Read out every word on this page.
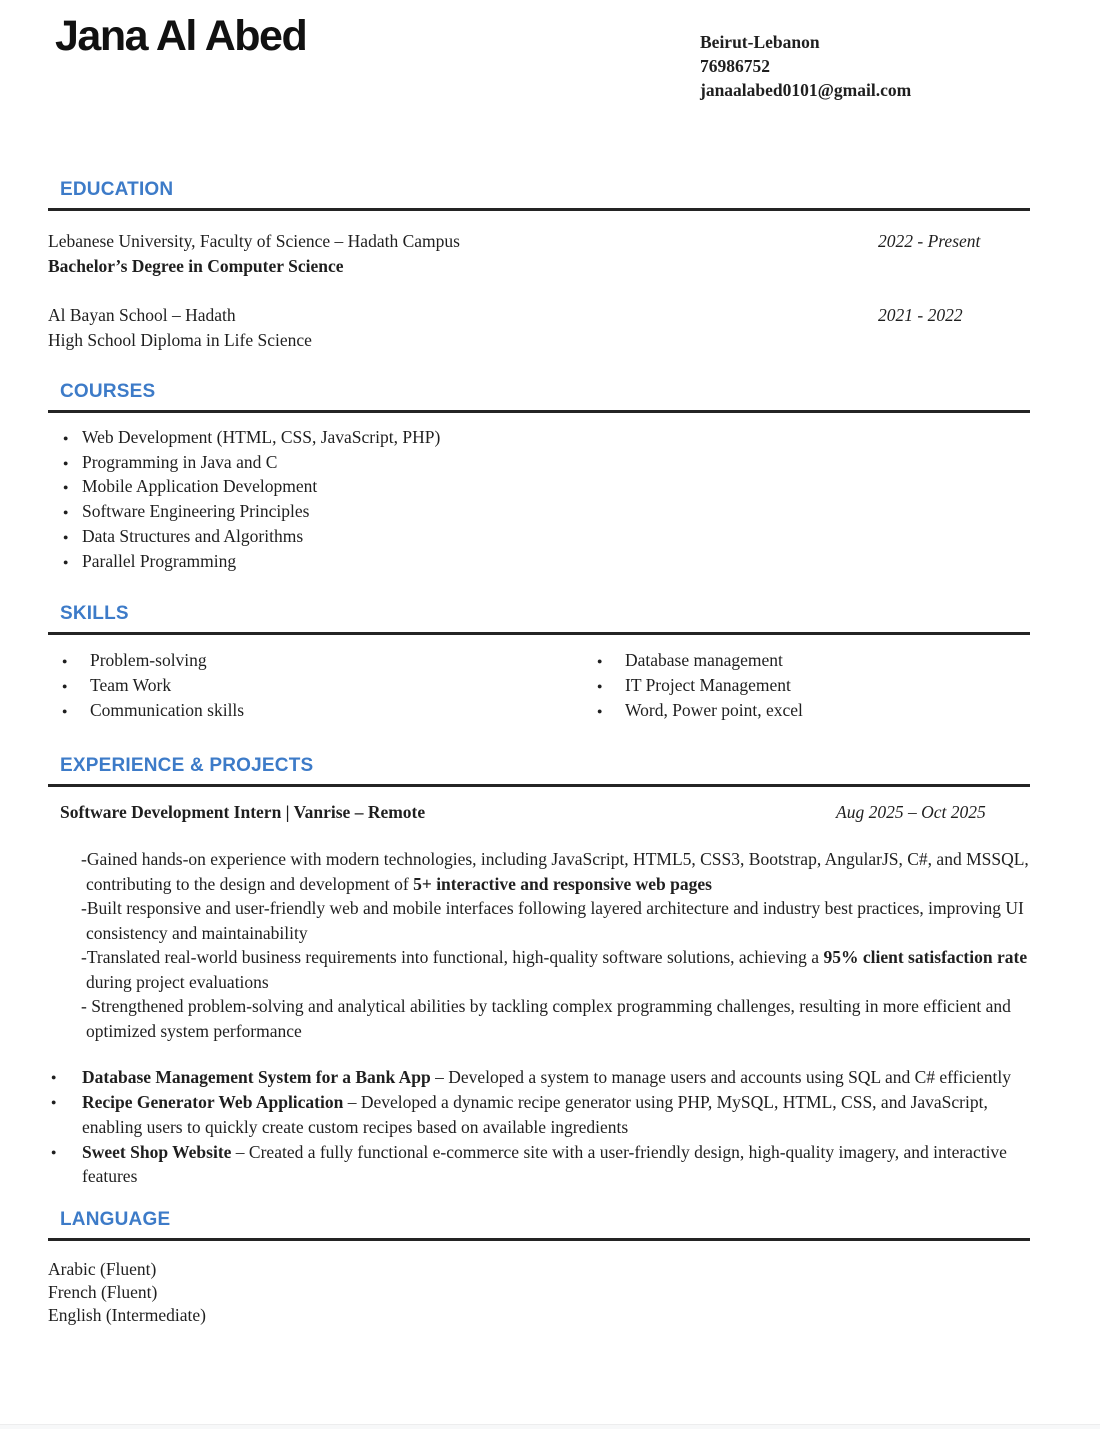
Jana Al Abed	Beirut-Lebanon
76986752
janaalabed0101@gmail.com
EDUCATION
Lebanese University, Faculty of Science – Hadath Campus	2022 - Present
Bachelor’s Degree in Computer Science
Al Bayan School – Hadath	2021 - 2022
High School Diploma in Life Science
COURSES
● Web Development (HTML, CSS, JavaScript, PHP)
● Programming in Java and C
● Mobile Application Development
● Software Engineering Principles
● Data Structures and Algorithms
● Parallel Programming
SKILLS
● Problem-solving
● Team Work
● Communication skills
● Database management
● IT Project Management
● Word, Power point, excel
EXPERIENCE & PROJECTS
Software Development Intern | Vanrise – Remote	Aug 2025 – Oct 2025
-Gained hands-on experience with modern technologies, including JavaScript, HTML5, CSS3, Bootstrap, AngularJS, C#, and MSSQL, contributing to the design and development of 5+ interactive and responsive web pages
-Built responsive and user-friendly web and mobile interfaces following layered architecture and industry best practices, improving UI consistency and maintainability
-Translated real-world business requirements into functional, high-quality software solutions, achieving a 95% client satisfaction rate during project evaluations
- Strengthened problem-solving and analytical abilities by tackling complex programming challenges, resulting in more efficient and optimized system performance
● Database Management System for a Bank App – Developed a system to manage users and accounts using SQL and C# efficiently
● Recipe Generator Web Application – Developed a dynamic recipe generator using PHP, MySQL, HTML, CSS, and JavaScript, enabling users to quickly create custom recipes based on available ingredients
● Sweet Shop Website – Created a fully functional e-commerce site with a user-friendly design, high-quality imagery, and interactive features
LANGUAGE
Arabic (Fluent)
French (Fluent)
English (Intermediate)
